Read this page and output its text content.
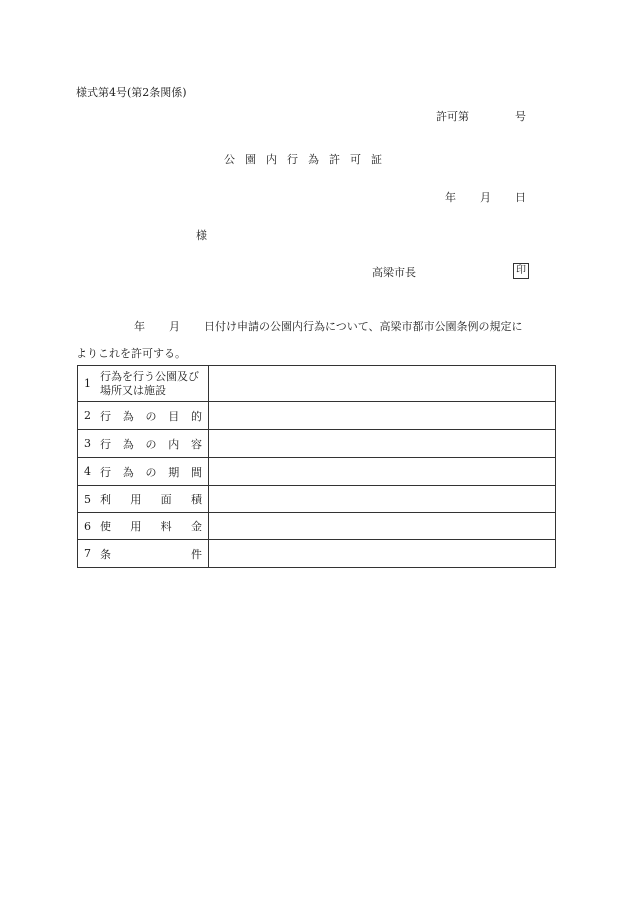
様式第4号(第2条関係)
許可第	号
公園内行為許可証
年 月 日
様
高梁市長	印
年 月 日付け申請の公園内行為について、高梁市都市公園条例の規定に
よりこれを許可する。
1
行為を行う公園及び場所又は施設	

2 行為の目的	

3 行為の内容	

4 行為の期間	

5 利用面積	

6 使用料金	

7 条件	
